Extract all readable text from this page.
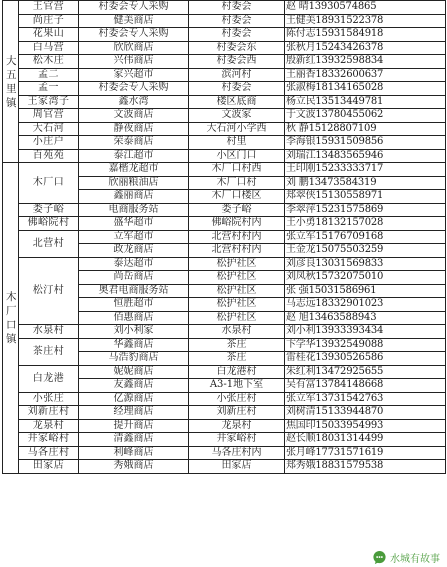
大五里镇	王官营	村委会专人采购	村委会	赵 晴13930574865
	尚庄子	健美商店	村委会	王健美18931522378
	花果山	村委会专人采购	村委会	陈付志15931584918
	白马营	欣欣商店	村委会东	张秋月15243426378
	松木庄	兴伟商店	村委会西	殷新红13932598834
	孟二	家兴超市	滨河村	王丽香18332600637
	孟一	村委会专人采购	村委会	张淑梅18134165028
	王家湾子	鑫水湾	楼区底商	杨立民13513449781
	周官营	文波商店	文波家	于文波13780455062
	大石河	静夜商店	大石河小学西	秋 静15128807109
	小庄户	荣泰商店	村里	李海银15931509856
	百苑苑	泰江超市	小区门口	刘瑞江13483565946
木厂口镇	木厂口	嘉楷龙超市	木厂口村西	王印刚15233333717
		欣丽粮油店	木厂口村	刘 鹏13473584319
		鑫丽商店	木厂口楼区	郑翠侠15130558971
	娄子峪	电商服务站	娄子峪	李翠萍15231575869
	佛峪院村	盛华超市	佛峪院村内	王小勇18132157028
	北营村	立军超市	北营村村内	张立军15176709168
		政龙商店	北营村村内	王金龙15075503259
	松汀村	泰达超市	松护社区	刘彦良13031569833
		尚岳商店	松护社区	刘凤秋15732075010
		奥君电商服务站	松护社区	张 强15031586961
		恒胜超市	松护社区	马志远18332901023
		佰惠商店	松护社区	赵 旭13463588943
	水泉村	刘小利家	水泉村	刘小利13933393434
	茶庄村	华鑫商店	茶庄	卞学华13932549088
		马浩豹商店	茶庄	雷桂花13930526586
	白龙港	妮妮商店	白龙港村	朱红利13472925655
		友鑫商店	A3-1地下室	吴有富13784148668
	小张庄	亿源商店	小张庄村	张立军13731542763
	刘新庄村	经理商店	刘新庄村	刘树清15133944870
	龙泉村	提升商店	龙泉村	焦国印15033954993
	井家峪村	清鑫商店	井家峪村	赵长顺18031314499
	马各庄村	利峰商店	马各庄村内	张月峰17731571619
	田家店	秀娥商店	田家店	郑秀娥18831579538
水城有故事
